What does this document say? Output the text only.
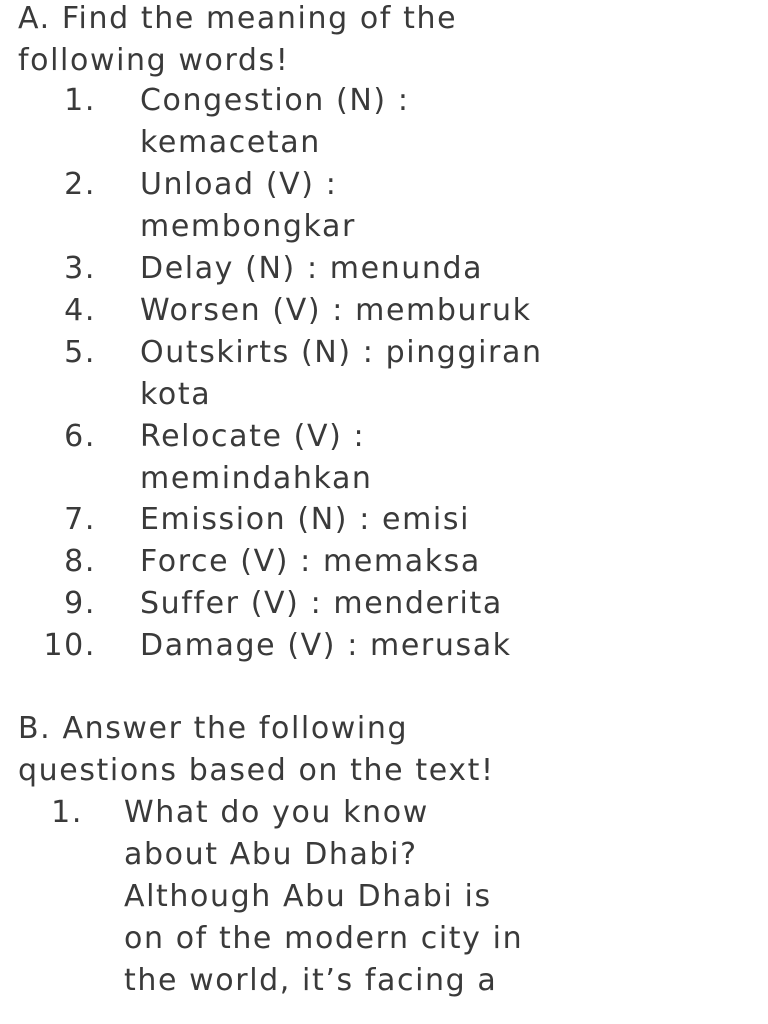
A. Find the meaning of the
following words!
1. Congestion (N) :
kemacetan
2. Unload (V) :
membongkar
3. Delay (N) : menunda
4. Worsen (V) : memburuk
5. Outskirts (N) : pinggiran
kota
6. Relocate (V) :
memindahkan
7. Emission (N) : emisi
8. Force (V) : memaksa
9. Suffer (V) : menderita
10. Damage (V) : merusak
B. Answer the following
questions based on the text!
1. What do you know
about Abu Dhabi?
Although Abu Dhabi is
on of the modern city in
the world, it’s facing a
